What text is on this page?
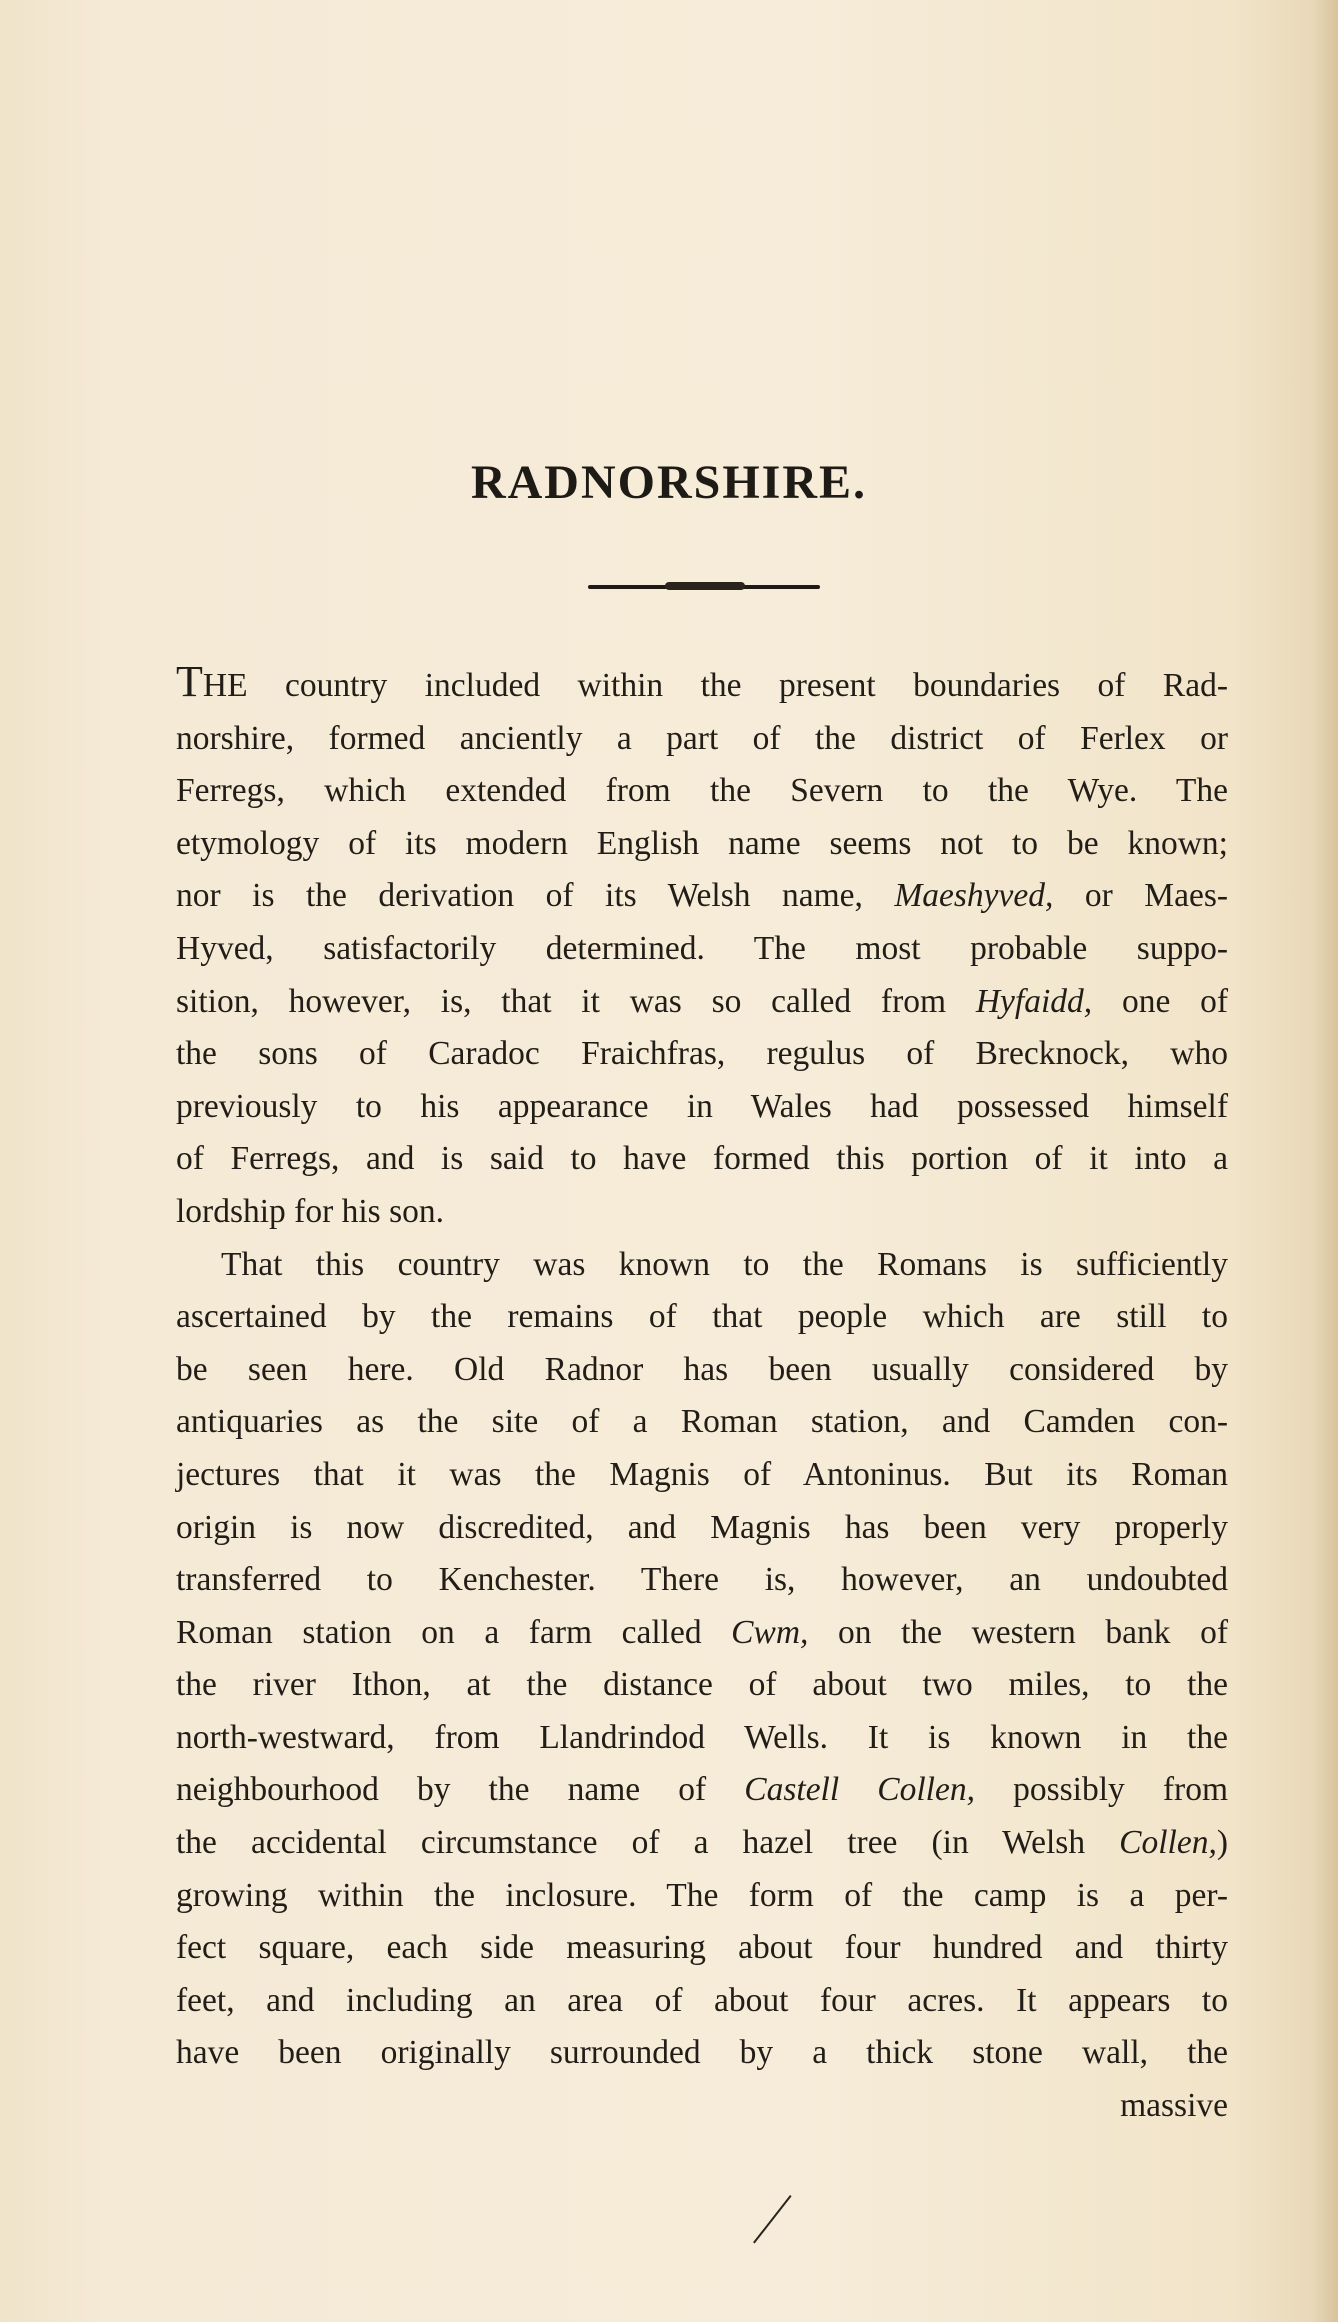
RADNORSHIRE.
THE country included within the present boundaries of Rad-
norshire, formed anciently a part of the district of Ferlex or
Ferregs, which extended from the Severn to the Wye. The
etymology of its modern English name seems not to be known;
nor is the derivation of its Welsh name, Maeshyved, or Maes-
Hyved, satisfactorily determined. The most probable suppo-
sition, however, is, that it was so called from Hyfaidd, one of
the sons of Caradoc Fraichfras, regulus of Brecknock, who
previously to his appearance in Wales had possessed himself
of Ferregs, and is said to have formed this portion of it into a
lordship for his son.
That this country was known to the Romans is sufficiently
ascertained by the remains of that people which are still to
be seen here. Old Radnor has been usually considered by
antiquaries as the site of a Roman station, and Camden con-
jectures that it was the Magnis of Antoninus. But its Roman
origin is now discredited, and Magnis has been very properly
transferred to Kenchester. There is, however, an undoubted
Roman station on a farm called Cwm, on the western bank of
the river Ithon, at the distance of about two miles, to the
north-westward, from Llandrindod Wells. It is known in the
neighbourhood by the name of Castell Collen, possibly from
the accidental circumstance of a hazel tree (in Welsh Collen,)
growing within the inclosure. The form of the camp is a per-
fect square, each side measuring about four hundred and thirty
feet, and including an area of about four acres. It appears to
have been originally surrounded by a thick stone wall, the
massive
